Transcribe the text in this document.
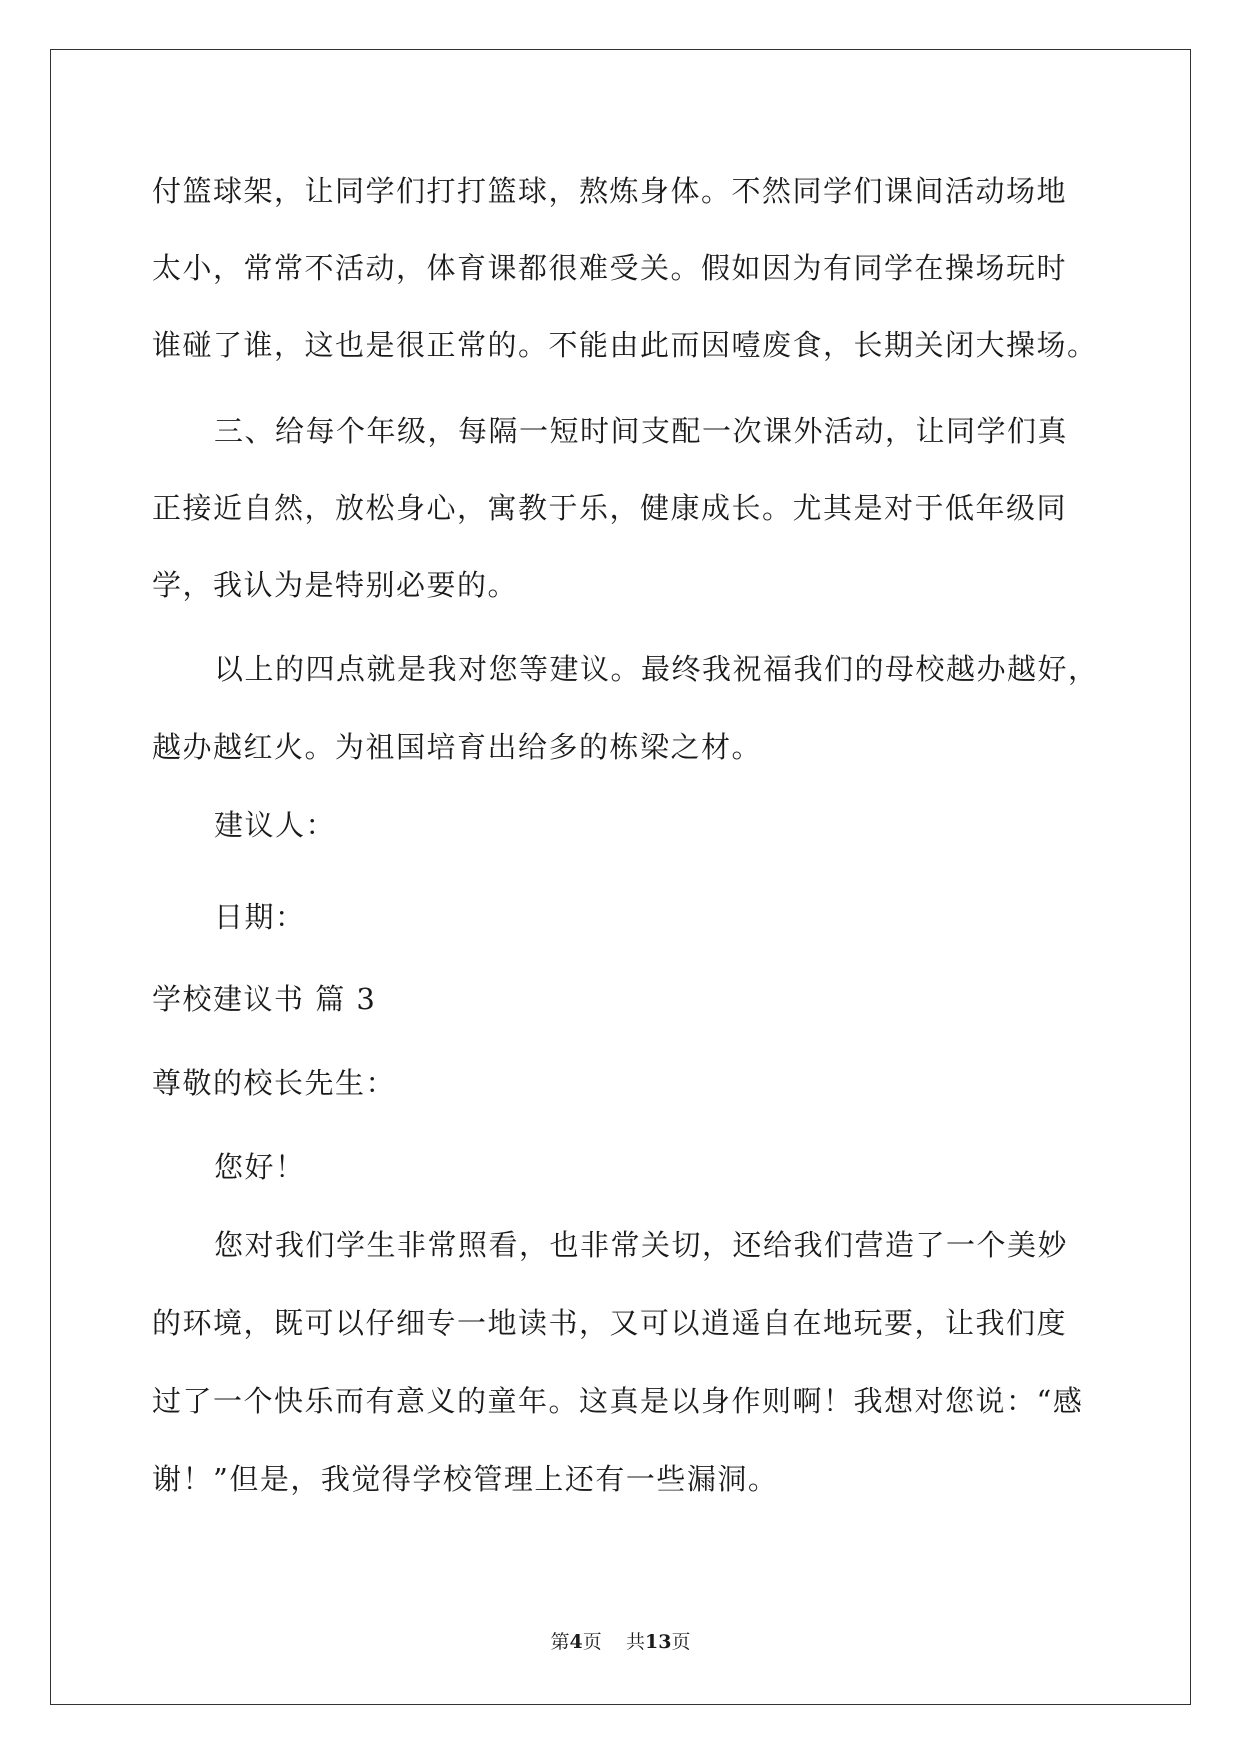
付篮球架，让同学们打打篮球，熬炼身体。不然同学们课间活动场地
太小，常常不活动，体育课都很难受关。假如因为有同学在操场玩时
谁碰了谁，这也是很正常的。不能由此而因噎废食，长期关闭大操场。
三、给每个年级，每隔一短时间支配一次课外活动，让同学们真
正接近自然，放松身心，寓教于乐，健康成长。尤其是对于低年级同
学，我认为是特别必要的。
以上的四点就是我对您等建议。最终我祝福我们的母校越办越好，
越办越红火。为祖国培育出给多的栋梁之材。
建议人：
日期：
学校建议书 篇 3
尊敬的校长先生：
您好！
您对我们学生非常照看，也非常关切，还给我们营造了一个美妙
的环境，既可以仔细专一地读书，又可以逍遥自在地玩要，让我们度
过了一个快乐而有意义的童年。这真是以身作则啊！我想对您说：“感
谢！”但是，我觉得学校管理上还有一些漏洞。
第4页 共13页
